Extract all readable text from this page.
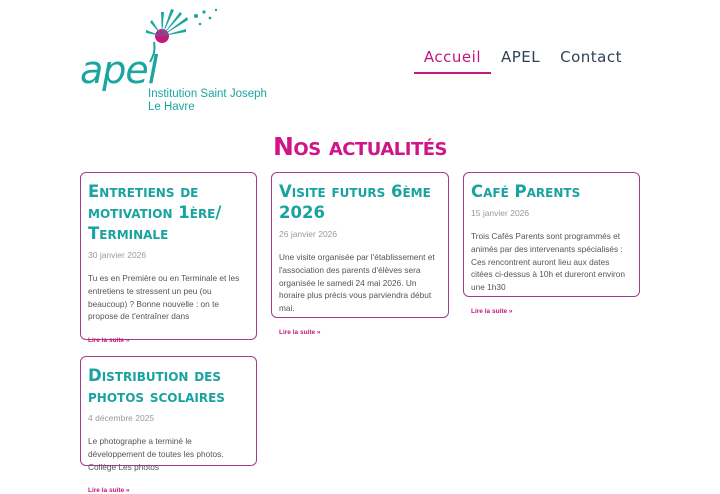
apel
Institution Saint Joseph
Le Havre
Accueil	APEL	Contact
Nos actualités
Entretiens de motivation 1ère/ Terminale
30 janvier 2026
Tu es en Première ou en Terminale et les entretiens te stressent un peu (ou beaucoup) ? Bonne nouvelle : on te propose de t'entraîner dans
Lire la suite »
Visite futurs 6ème 2026
26 janvier 2026
Une visite organisée par l'établissement et l'association des parents d'élèves sera organisée le samedi 24 mai 2026. Un horaire plus précis vous parviendra début mai.
Lire la suite »
Café Parents
15 janvier 2026
Trois Cafés Parents sont programmés et animés par des intervenants spécialisés : Ces rencontrent auront lieu aux dates citées ci-dessus à 10h et dureront environ une 1h30
Lire la suite »
Distribution des photos scolaires
4 décembre 2025
Le photographe a terminé le développement de toutes les photos. Collège Les photos
Lire la suite »
